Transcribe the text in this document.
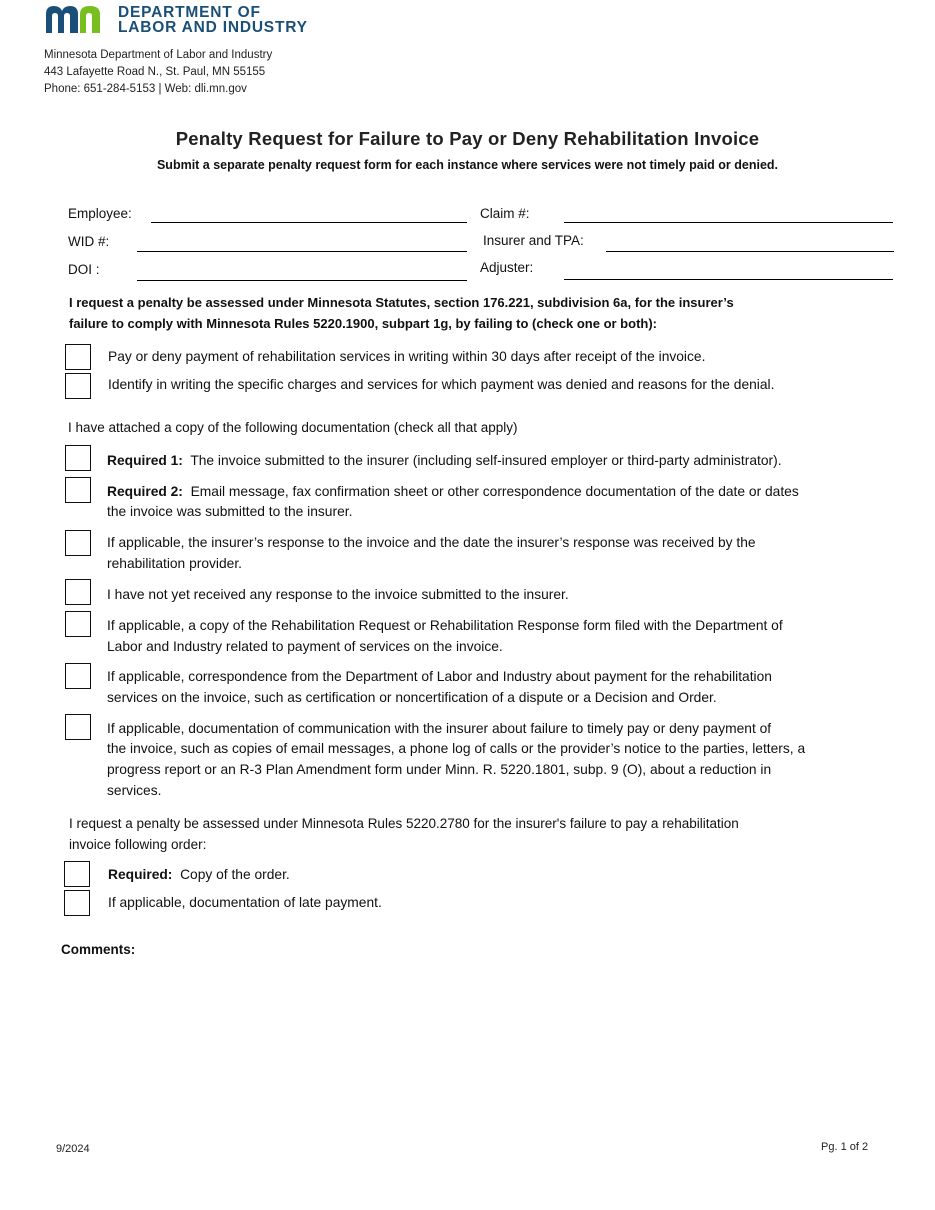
DEPARTMENT OF
LABOR AND INDUSTRY
Minnesota Department of Labor and Industry
443 Lafayette Road N., St. Paul, MN 55155
Phone: 651-284-5153 | Web: dli.mn.gov
Penalty Request for Failure to Pay or Deny Rehabilitation Invoice
Submit a separate penalty request form for each instance where services were not timely paid or denied.
Employee:	Claim #:
WID #:	Insurer and TPA:
DOI :	Adjuster:
I request a penalty be assessed under Minnesota Statutes, section 176.221, subdivision 6a, for the insurer’s
failure to comply with Minnesota Rules 5220.1900, subpart 1g, by failing to (check one or both):
Pay or deny payment of rehabilitation services in writing within 30 days after receipt of the invoice.
Identify in writing the specific charges and services for which payment was denied and reasons for the denial.
I have attached a copy of the following documentation (check all that apply)
Required 1: The invoice submitted to the insurer (including self-insured employer or third-party administrator).
Required 2: Email message, fax confirmation sheet or other correspondence documentation of the date or dates
the invoice was submitted to the insurer.
If applicable, the insurer’s response to the invoice and the date the insurer’s response was received by the
rehabilitation provider.
I have not yet received any response to the invoice submitted to the insurer.
If applicable, a copy of the Rehabilitation Request or Rehabilitation Response form filed with the Department of
Labor and Industry related to payment of services on the invoice.
If applicable, correspondence from the Department of Labor and Industry about payment for the rehabilitation
services on the invoice, such as certification or noncertification of a dispute or a Decision and Order.
If applicable, documentation of communication with the insurer about failure to timely pay or deny payment of
the invoice, such as copies of email messages, a phone log of calls or the provider’s notice to the parties, letters, a
progress report or an R-3 Plan Amendment form under Minn. R. 5220.1801, subp. 9 (O), about a reduction in
services.
I request a penalty be assessed under Minnesota Rules 5220.2780 for the insurer's failure to pay a rehabilitation
invoice following order:
Required: Copy of the order.
If applicable, documentation of late payment.
Comments:
9/2024	Pg. 1 of 2
